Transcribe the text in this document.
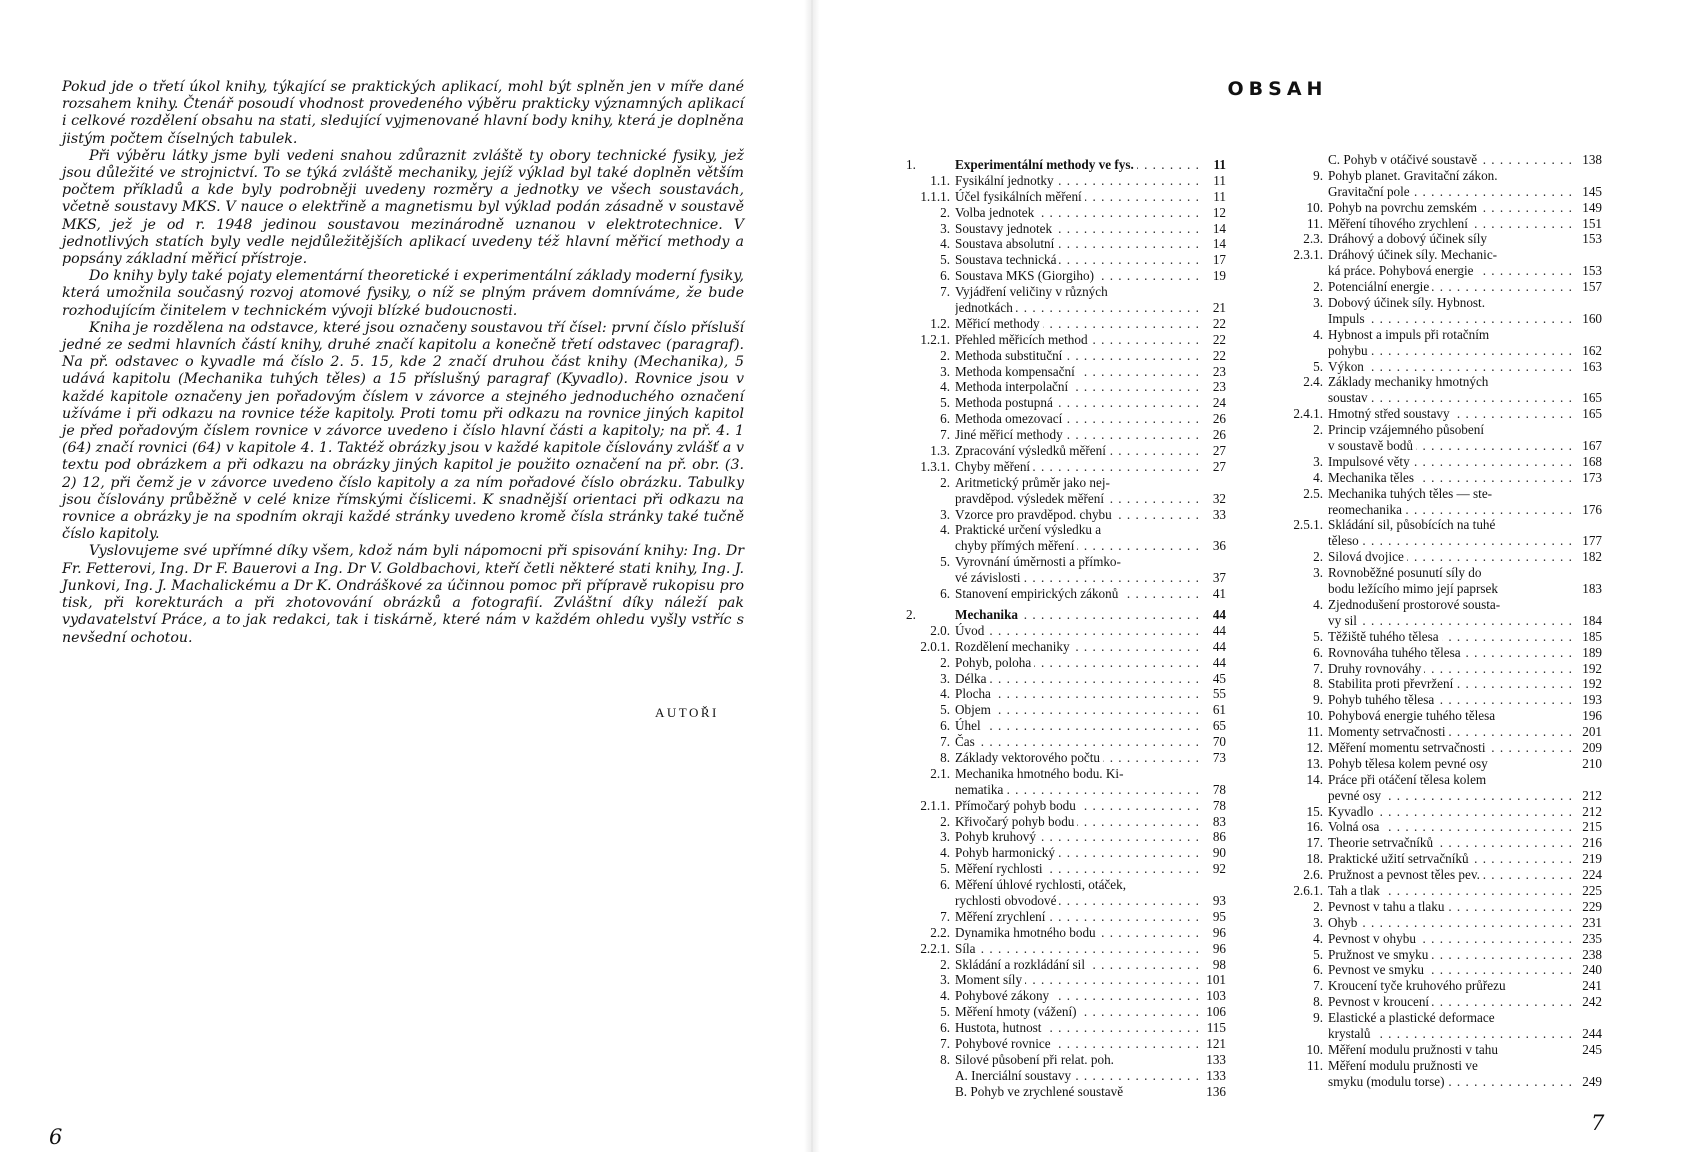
Pokud jde o třetí úkol knihy, týkající se praktických aplikací, mohl být splněn jen v míře dané rozsahem knihy. Čtenář posoudí vhodnost provedeného výběru prakticky významných aplikací i celkové rozdělení obsahu na stati, sledující vyjmenované hlavní body knihy, která je doplněna jistým počtem číselných tabulek.

Při výběru látky jsme byli vedeni snahou zdůraznit zvláště ty obory technické fysiky, jež jsou důležité ve strojnictví. To se týká zvláště mechaniky, jejíž výklad byl také doplněn větším počtem příkladů a kde byly podrobněji uvedeny rozměry a jednotky ve všech soustavách, včetně soustavy MKS. V nauce o elektřině a magnetismu byl výklad podán zásadně v soustavě MKS, jež je od r. 1948 jedinou soustavou mezinárodně uznanou v elektrotechnice. V jednotlivých statích byly vedle nejdůležitějších aplikací uvedeny též hlavní měřicí methody a popsány základní měřicí přístroje.

Do knihy byly také pojaty elementární theoretické i experimentální základy moderní fysiky, která umožnila současný rozvoj atomové fysiky, o níž se plným právem domníváme, že bude rozhodujícím činitelem v technickém vývoji blízké budoucnosti.

Kniha je rozdělena na odstavce, které jsou označeny soustavou tří čísel: první číslo přísluší jedné ze sedmi hlavních částí knihy, druhé značí kapitolu a konečně třetí odstavec (paragraf). Na př. odstavec o kyvadle má číslo 2. 5. 15, kde 2 značí druhou část knihy (Mechanika), 5 udává kapitolu (Mechanika tuhých těles) a 15 příslušný paragraf (Kyvadlo). Rovnice jsou v každé kapitole označeny jen pořadovým číslem v závorce a stejného jednoduchého označení užíváme i při odkazu na rovnice téže kapitoly. Proti tomu při odkazu na rovnice jiných kapitol je před pořadovým číslem rovnice v závorce uvedeno i číslo hlavní části a kapitoly; na př. 4. 1 (64) značí rovnici (64) v kapitole 4. 1. Taktéž obrázky jsou v každé kapitole číslovány zvlášť a v textu pod obrázkem a při odkazu na obrázky jiných kapitol je použito označení na př. obr. (3. 2) 12, při čemž je v závorce uvedeno číslo kapitoly a za ním pořadové číslo obrázku. Tabulky jsou číslovány průběžně v celé knize římskými číslicemi. K snadnější orientaci při odkazu na rovnice a obrázky je na spodním okraji každé stránky uvedeno kromě čísla stránky také tučně číslo kapitoly.

Vyslovujeme své upřímné díky všem, kdož nám byli nápomocni při spisování knihy: Ing. Dr Fr. Fetterovi, Ing. Dr F. Bauerovi a Ing. Dr V. Goldbachovi, kteří četli některé stati knihy, Ing. J. Junkovi, Ing. J. Machalickému a Dr K. Ondráškové za účinnou pomoc při přípravě rukopisu pro tisk, při korekturách a při zhotovování obrázků a fotografií. Zvláštní díky náleží pak vydavatelství Práce, a to jak redakci, tak i tiskárně, které nám v každém ohledu vyšly vstříc s nevšední ochotou.

AUTOŘI
6
OBSAH
1.	Experimentální methody ve fys. . . .	11
1.1. Fysikální jednotky . . .	11
1.1.1. Účel fysikálních měření . . .	11
2. Volba jednotek . . .	12
3. Soustavy jednotek . . .	14
4. Soustava absolutní . . .	14
5. Soustava technická . . .	17
6. Soustava MKS (Giorgiho) . . .	19
7. Vyjádření veličiny v různých
jednotkách . . .	21
1.2. Měřicí methody . . .	22
1.2.1. Přehled měřicích method . . .	22
2. Methoda substituční . . .	22
3. Methoda kompensační . . .	23
4. Methoda interpolační . . .	23
5. Methoda postupná . . .	24
6. Methoda omezovací . . .	26
7. Jiné měřicí methody . . .	26
1.3. Zpracování výsledků měření . . .	27
1.3.1. Chyby měření . . .	27
2. Aritmetický průměr jako nej-
pravděpod. výsledek měření . . .	32
3. Vzorce pro pravděpod. chybu . . .	33
4. Praktické určení výsledku a
chyby přímých měření . . .	36
5. Vyrovnání úměrnosti a přímko-
vé závislosti . . .	37
6. Stanovení empirických zákonů . . .	41
2.	Mechanika . . .	44
2.0. Úvod . . .	44
2.0.1. Rozdělení mechaniky . . .	44
2. Pohyb, poloha . . .	44
3. Délka . . .	45
4. Plocha . . .	55
5. Objem . . .	61
6. Úhel . . .	65
7. Čas . . .	70
8. Základy vektorového počtu . . .	73
2.1. Mechanika hmotného bodu. Ki-
nematika . . .	78
2.1.1. Přímočarý pohyb bodu . . .	78
2. Křivočarý pohyb bodu . . .	83
3. Pohyb kruhový . . .	86
4. Pohyb harmonický . . .	90
5. Měření rychlosti . . .	92
6. Měření úhlové rychlosti, otáček,
rychlosti obvodové . . .	93
7. Měření zrychlení . . .	95
2.2. Dynamika hmotného bodu . . .	96
2.2.1. Síla . . .	96
2. Skládání a rozkládání sil . . .	98
3. Moment síly . . .	101
4. Pohybové zákony . . .	103
5. Měření hmoty (vážení) . . .	106
6. Hustota, hutnost . . .	115
7. Pohybové rovnice . . .	121
8. Silové působení při relat. poh.	133
A. Inerciální soustavy . . .	133
B. Pohyb ve zrychlené soustavě	136
C. Pohyb v otáčivé soustavě . . .	138
9. Pohyb planet. Gravitační zákon.
Gravitační pole . . .	145
10. Pohyb na povrchu zemském . . .	149
11. Měření tíhového zrychlení . . .	151
2.3. Dráhový a dobový účinek síly	153
2.3.1. Dráhový účinek síly. Mechanic-
ká práce. Pohybová energie . . .	153
2. Potenciální energie . . .	157
3. Dobový účinek síly. Hybnost.
Impuls . . .	160
4. Hybnost a impuls při rotačním
pohybu . . .	162
5. Výkon . . .	163
2.4. Základy mechaniky hmotných
soustav . . .	165
2.4.1. Hmotný střed soustavy . . .	165
2. Princip vzájemného působení
v soustavě bodů . . .	167
3. Impulsové věty . . .	168
4. Mechanika těles . . .	173
2.5. Mechanika tuhých těles — ste-
reomechanika . . .	176
2.5.1. Skládání sil, působících na tuhé
těleso . . .	177
2. Silová dvojice . . .	182
3. Rovnoběžné posunutí síly do
bodu ležícího mimo její paprsek	183
4. Zjednodušení prostorové sousta-
vy sil . . .	184
5. Těžiště tuhého tělesa . . .	185
6. Rovnováha tuhého tělesa . . .	189
7. Druhy rovnováhy . . .	192
8. Stabilita proti převržení . . .	192
9. Pohyb tuhého tělesa . . .	193
10. Pohybová energie tuhého tělesa	196
11. Momenty setrvačnosti . . .	201
12. Měření momentu setrvačnosti . . .	209
13. Pohyb tělesa kolem pevné osy	210
14. Práce při otáčení tělesa kolem
pevné osy . . .	212
15. Kyvadlo . . .	212
16. Volná osa . . .	215
17. Theorie setrvačníků . . .	216
18. Praktické užití setrvačníků . . .	219
2.6. Pružnost a pevnost těles pev. . . .	224
2.6.1. Tah a tlak . . .	225
2. Pevnost v tahu a tlaku . . .	229
3. Ohyb . . .	231
4. Pevnost v ohybu . . .	235
5. Pružnost ve smyku . . .	238
6. Pevnost ve smyku . . .	240
7. Kroucení tyče kruhového průřezu	241
8. Pevnost v kroucení . . .	242
9. Elastické a plastické deformace
krystalů . . .	244
10. Měření modulu pružnosti v tahu	245
11. Měření modulu pružnosti ve
smyku (modulu torse) . . .	249
7
